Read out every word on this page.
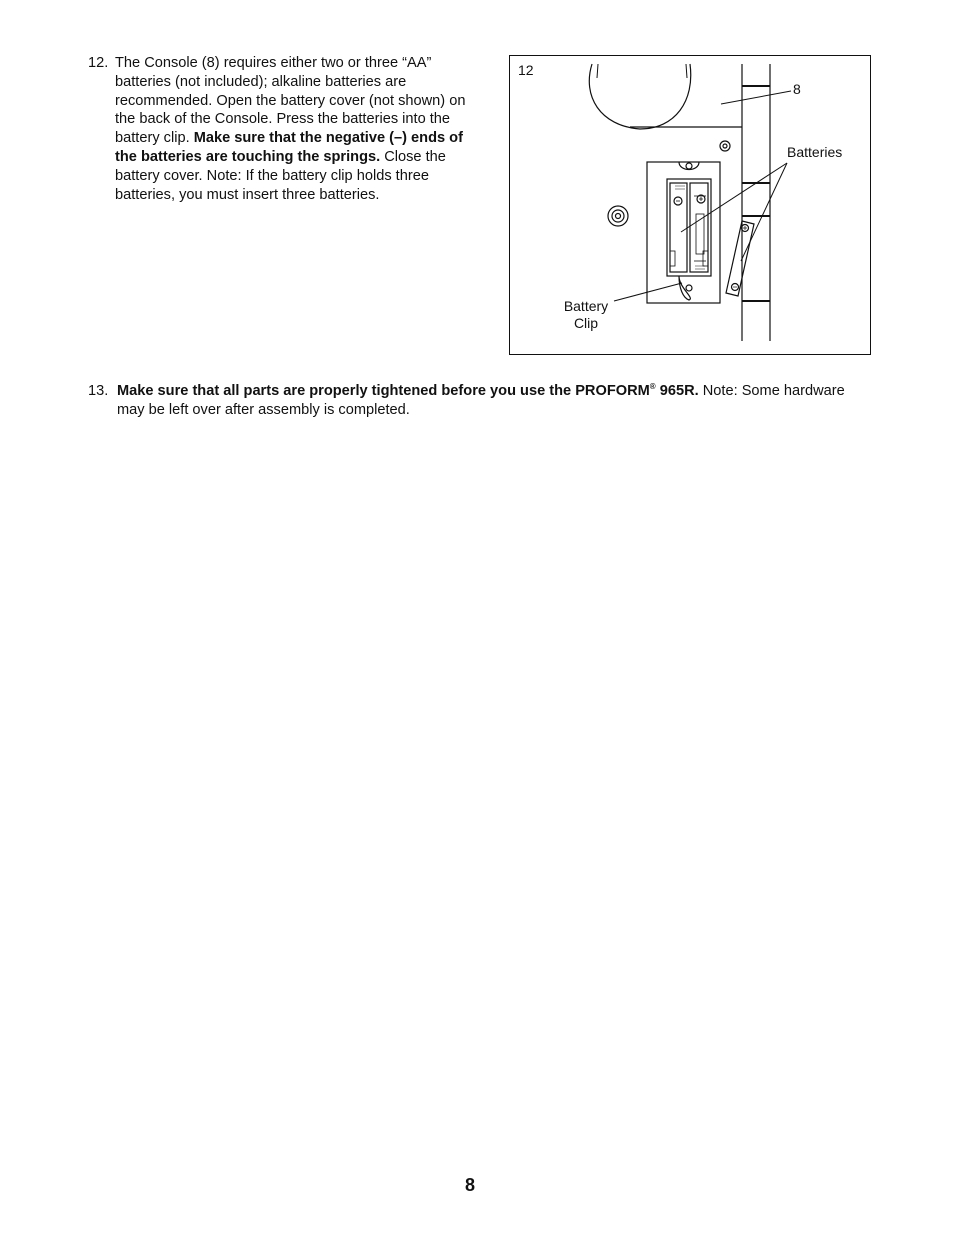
12. The Console (8) requires either two or three “AA” batteries (not included); alkaline batteries are recommended. Open the battery cover (not shown) on the back of the Console. Press the batteries into the battery clip. Make sure that the negative (–) ends of the batteries are touching the springs. Close the battery cover. Note: If the battery clip holds three batteries, you must insert three batteries.
12
8
Batteries
Battery
Clip
13. Make sure that all parts are properly tightened before you use the PROFORM® 965R. Note: Some hardware may be left over after assembly is completed.
8
